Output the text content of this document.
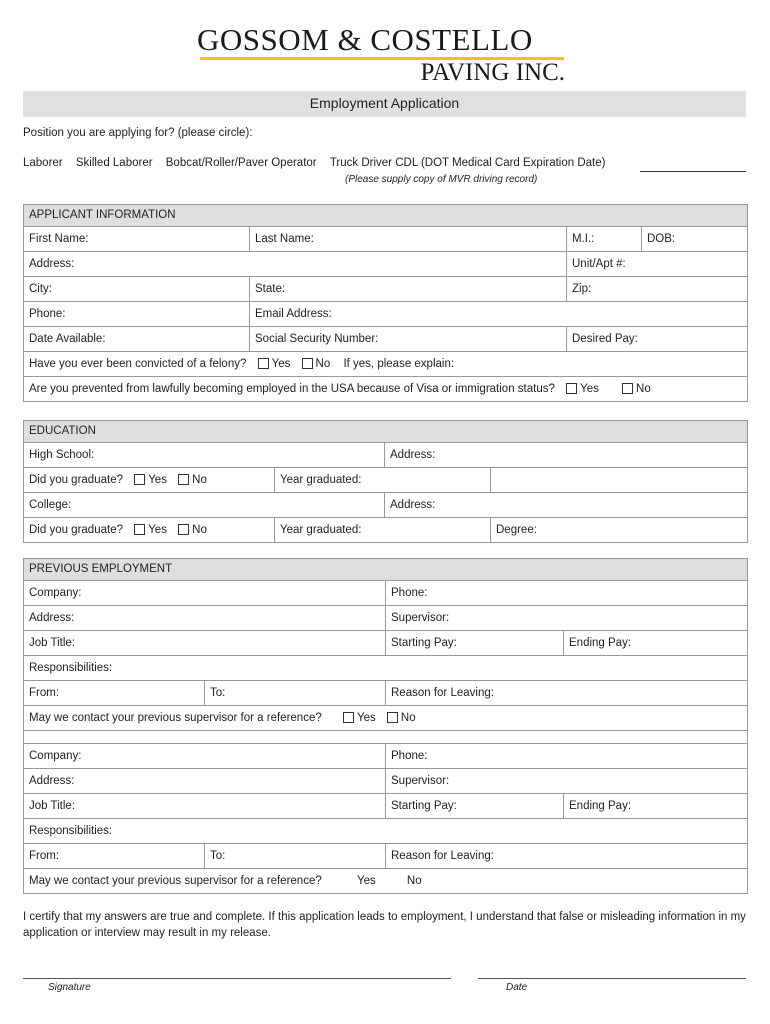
GOSSOM & COSTELLO
PAVING INC.
Employment Application
Position you are applying for? (please circle):
Laborer Skilled Laborer Bobcat/Roller/Paver Operator Truck Driver CDL (DOT Medical Card Expiration Date)
(Please supply copy of MVR driving record)
APPLICANT INFORMATION
First Name:	Last Name:	M.I.:	DOB:
Address:	Unit/Apt #:
City:	State:	Zip:
Phone:	Email Address:
Date Available:	Social Security Number:	Desired Pay:
Have you ever been convicted of a felony? Yes No If yes, please explain:
Are you prevented from lawfully becoming employed in the USA because of Visa or immigration status? Yes	No
EDUCATION
High School:	Address:
Did you graduate? Yes No	Year graduated:
College:	Address:
Did you graduate? Yes No	Year graduated:	Degree:
PREVIOUS EMPLOYMENT
Company:	Phone:
Address:	Supervisor:
Job Title:	Starting Pay:	Ending Pay:
Responsibilities:
From:	To:	Reason for Leaving:
May we contact your previous supervisor for a reference?	Yes No
Company:	Phone:
Address:	Supervisor:
Job Title:	Starting Pay:	Ending Pay:
Responsibilities:
From:	To:	Reason for Leaving:
May we contact your previous supervisor for a reference?	Yes	No
I certify that my answers are true and complete. If this application leads to employment, I understand that false or misleading information in my application or interview may result in my release.
Signature	Date
